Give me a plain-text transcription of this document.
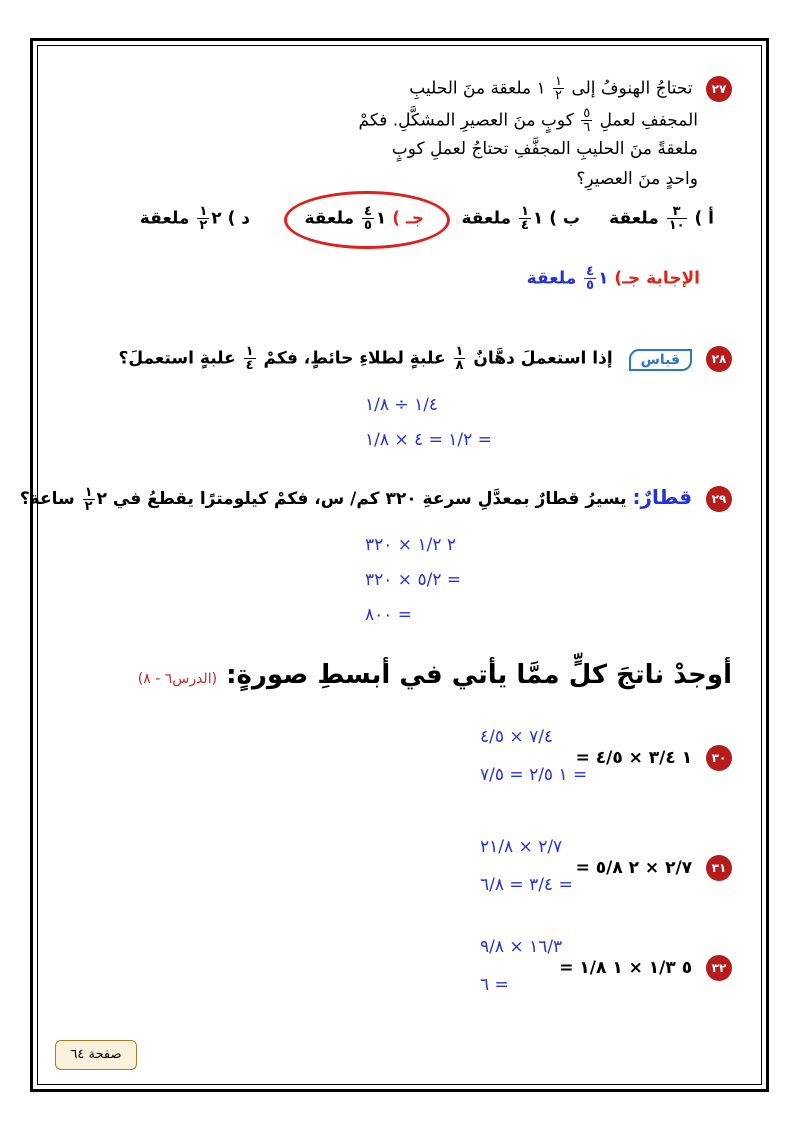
٢٧ تحتاجُ الهنوفُ إلى
$\frac{١}{٢}$
١ ملعقة منَ الحليبِ
المجففِ لعملِ
$\frac{٥}{٦}$
كوبٍ منَ العصيرِ المشكَّلِ. فكمْ
ملعقةً منَ الحليبِ المجفَّفِ تحتاجُ لعملِ كوبٍ
واحدٍ منَ العصيرِ؟
أ )
$\frac{٣}{١٠}$
ملعقة
ب ) ١
$\frac{١}{٤}$
ملعقة
جـ ) ١
$\frac{٤}{٥}$
ملعقة
د ) ٢
$\frac{١}{٢}$
ملعقة
الإجابة جـ) ١
$\frac{٤}{٥}$
ملعقة
٢٨ قياس إذا استعملَ دهَّانٌ
$\frac{١}{٨}$
علبةٍ لطلاءِ حائطٍ، فكمْ
$\frac{١}{٤}$
علبةٍ استعملَ؟
١/٤ ÷ ١/٨
١/٢ = ٤ × ١/٨ =
٢٩ قطارٌ: يسيرُ قطارٌ بمعدَّلِ سرعةِ ٣٢٠ كم/ س، فكمْ كيلومترًا يقطعُ في ٢
$\frac{١}{٢}$
ساعة؟
٢ ١/٢ × ٣٢٠
٥/٢ × ٣٢٠ =
٨٠٠ =
أوجدْ ناتجَ كلٍّ ممَّا يأتي في أبسطِ صورةٍ: (الدرس٦ - ٨)
٣٠ ١ ٣/٤ × ٤/٥ =
٧/٤ × ٤/٥
١ ٢/٥ = ٧/٥ =
٣١ ٢/٧ × ٢ ٥/٨ =
٢/٧ × ٢١/٨
٣/٤ = ٦/٨ =
٣٢ ٥ ١/٣ × ١ ١/٨ =
١٦/٣ × ٩/٨
٦ =
صفحة ٦٤
